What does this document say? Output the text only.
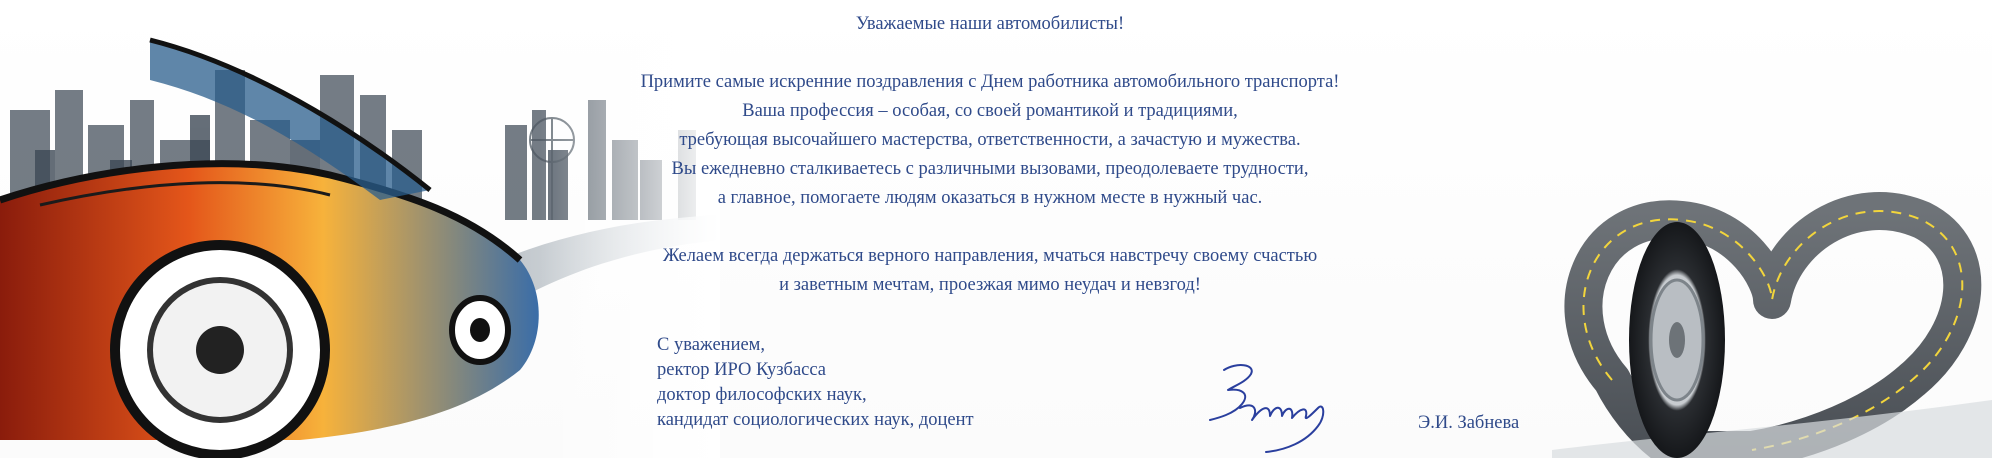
Уважаемые наши автомобилисты!
Примите самые искренние поздравления с Днем работника автомобильного транспорта!
Ваша профессия – особая, со своей романтикой и традициями,
требующая высочайшего мастерства, ответственности, а зачастую и мужества.
Вы ежедневно сталкиваетесь с различными вызовами, преодолеваете трудности,
а главное, помогаете людям оказаться в нужном месте в нужный час.
Желаем всегда держаться верного направления, мчаться навстречу своему счастью
и заветным мечтам, проезжая мимо неудач и невзгод!
С уважением,
ректор ИРО Кузбасса
доктор философских наук,
кандидат социологических наук, доцент	Э.И. Забнева
